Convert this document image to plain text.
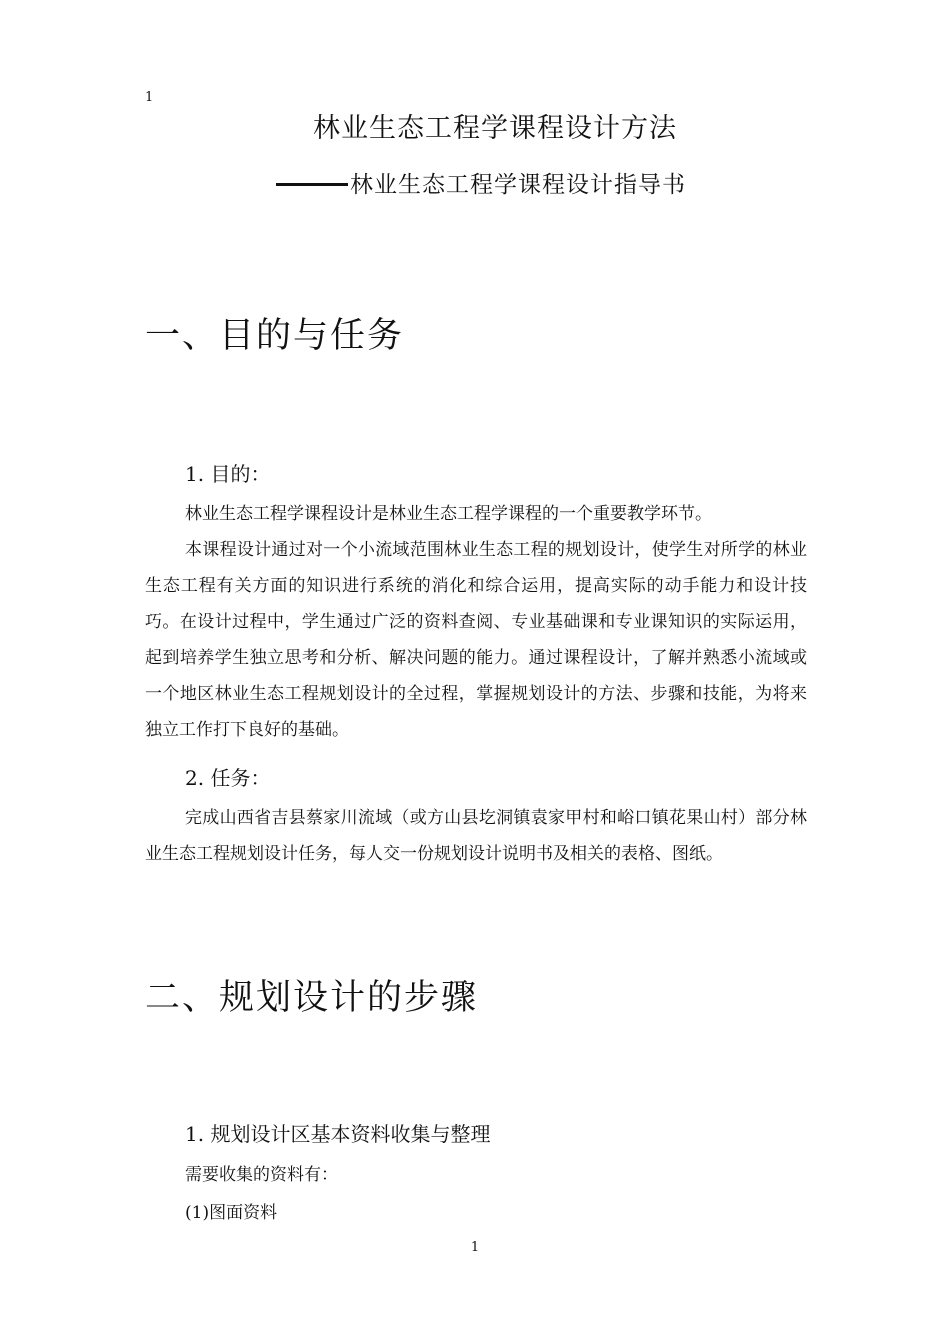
1
林业生态工程学课程设计方法
林业生态工程学课程设计指导书
一、目的与任务
1. 目的：
林业生态工程学课程设计是林业生态工程学课程的一个重要教学环节。
本课程设计通过对一个小流域范围林业生态工程的规划设计，使学生对所学的林业生态工程有关方面的知识进行系统的消化和综合运用，提高实际的动手能力和设计技巧。在设计过程中，学生通过广泛的资料查阅、专业基础课和专业课知识的实际运用，起到培养学生独立思考和分析、解决问题的能力。通过课程设计，了解并熟悉小流域或一个地区林业生态工程规划设计的全过程，掌握规划设计的方法、步骤和技能，为将来独立工作打下良好的基础。
2. 任务：
完成山西省吉县蔡家川流域（或方山县圪洞镇袁家甲村和峪口镇花果山村）部分林业生态工程规划设计任务，每人交一份规划设计说明书及相关的表格、图纸。
二、规划设计的步骤
1. 规划设计区基本资料收集与整理
需要收集的资料有：
(1)图面资料
1
